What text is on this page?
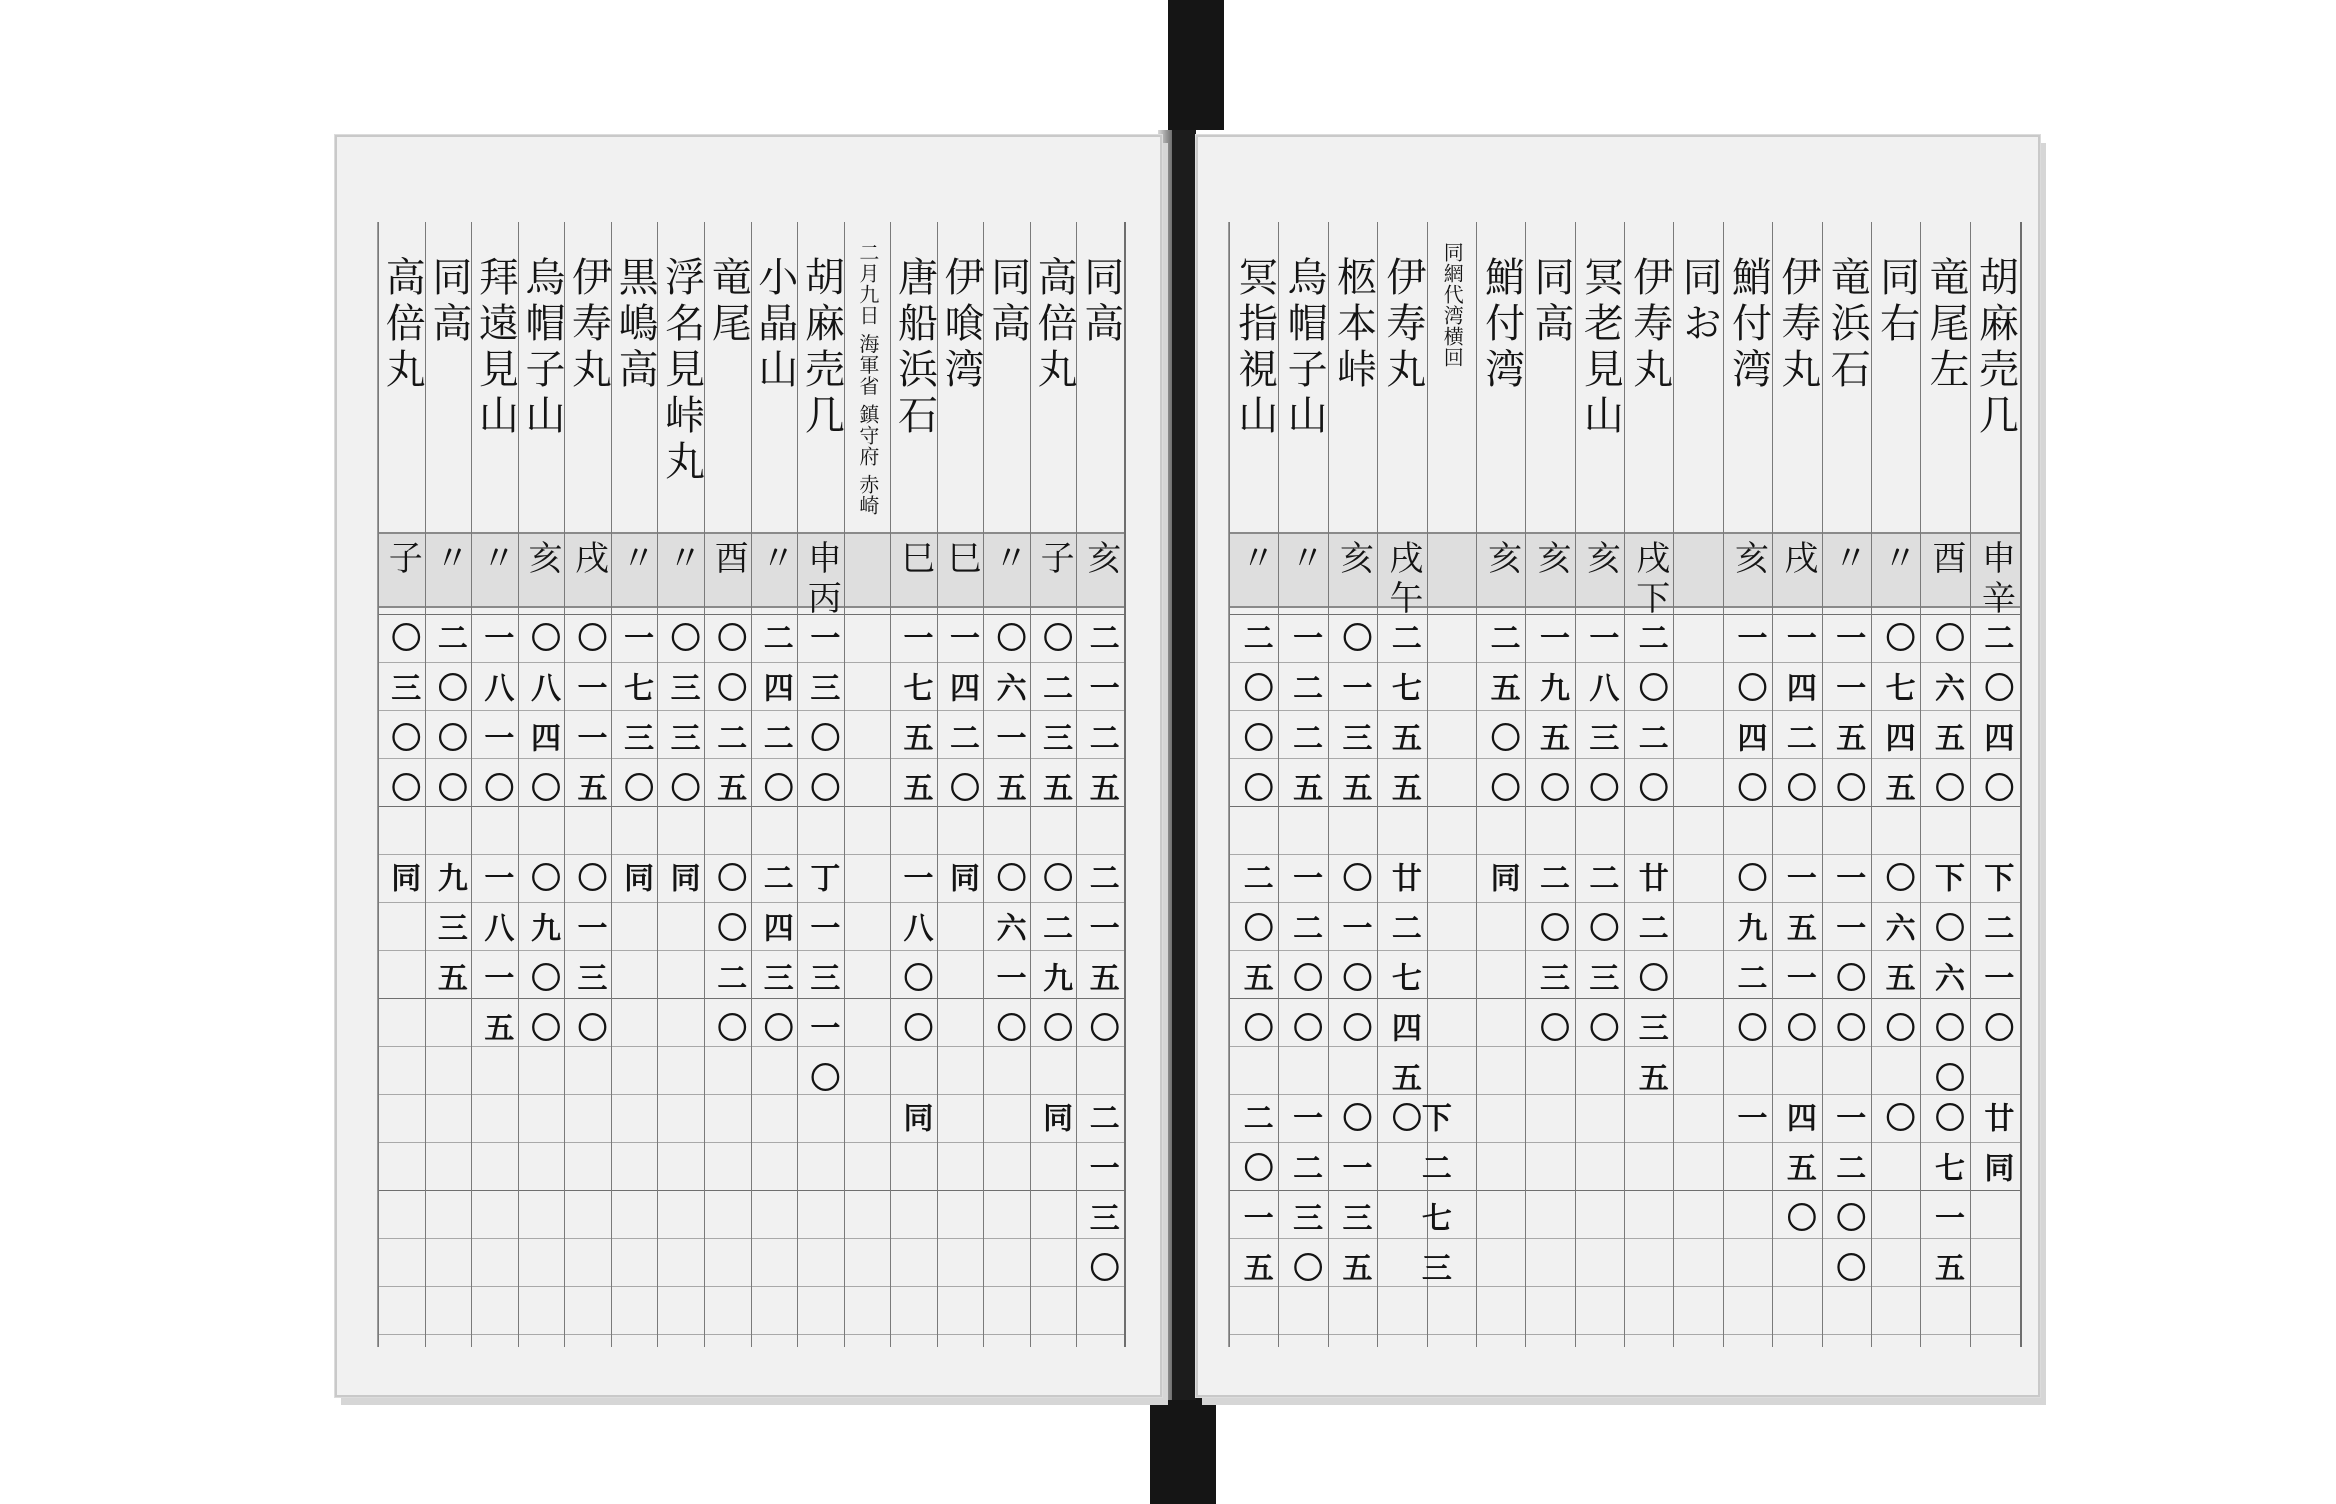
同高
亥
二一二五
二一五〇
二一三〇
高倍丸
子
〇二三五
〇二九〇
同
同高
〃
〇六一五
〇六一〇
伊喰湾
巳
一四二〇
同
唐船浜石
巳
一七五五
一八〇〇
同
二月九日 海軍省 鎮守府 赤崎
胡麻売几
申丙
一三〇〇
丁一三一〇
小晶山
〃
二四二〇
二四三〇
竜尾
酉
〇〇二五
〇〇二〇
浮名見峠丸
〃
〇三三〇
同
黒嶋高
〃
一七三〇
同
伊寿丸
戌
〇一一五
〇一三〇
烏帽子山
亥
〇八四〇
〇九〇〇
拜遠見山
〃
一八一〇
一八一五
同高
〃
二〇〇〇
九三五
高倍丸
子
〇三〇〇
同
胡麻売几
申辛
二〇四〇
下二一〇
廿同
竜尾左
酉
〇六五〇
下〇六〇〇
〇七一五
同右
〃
〇七四五
〇六五〇
〇
竜浜石
〃
一一五〇
一一〇〇
一二〇〇
伊寿丸
戌
一四二〇
一五一〇
四五〇
鮹付湾
亥
一〇四〇
〇九二〇
一
同お
伊寿丸
戌下
二〇二〇
廿二〇三五
冥老見山
亥
一八三〇
二〇三〇
同高
亥
一九五〇
二〇三〇
鮹付湾
亥
二五〇〇
同
同網代湾横回
伊寿丸
戌午
二七五五
廿二七四五
下二七三〇
柩本峠
亥
〇一三五
〇一〇〇
〇一三五
烏帽子山
〃
一二二五
一二〇〇
一二三〇
冥指視山
〃
二〇〇〇
二〇五〇
二〇一五
